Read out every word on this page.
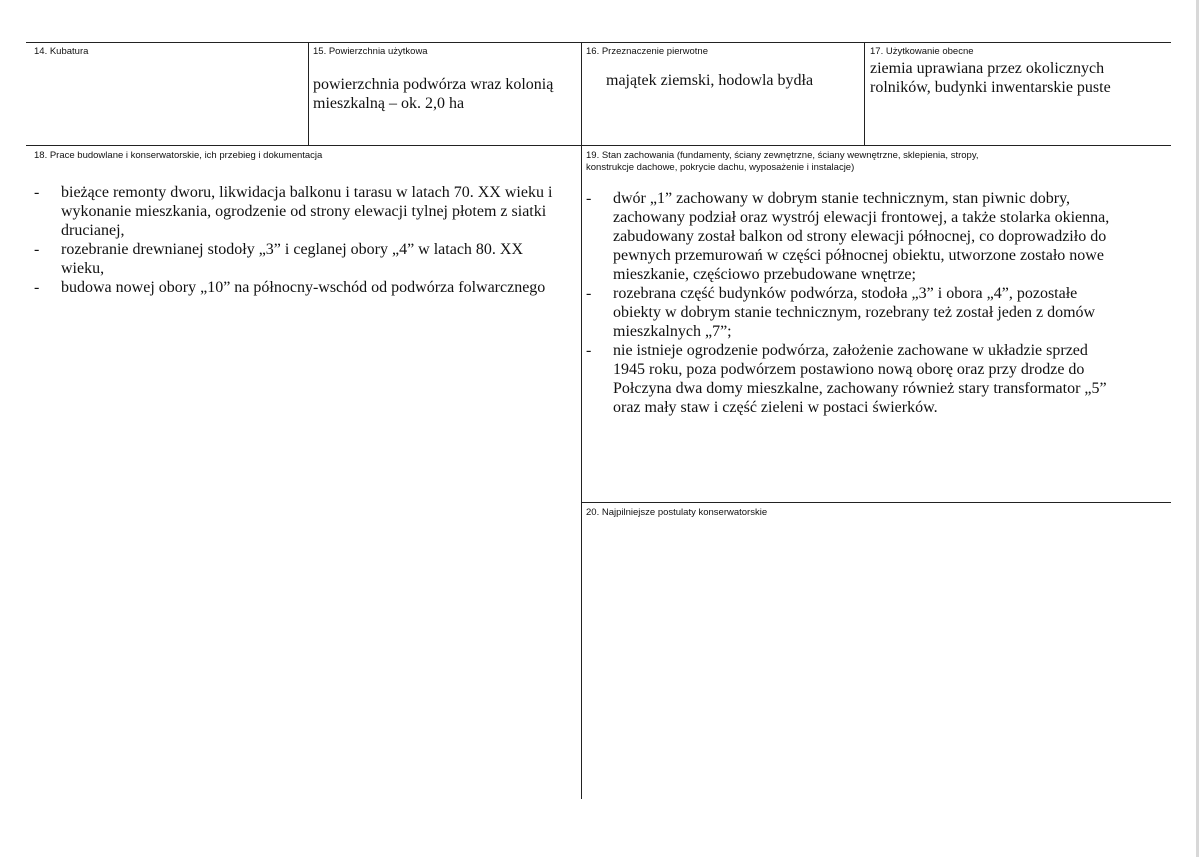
14. Kubatura	15. Powierzchnia użytkowa
powierzchnia podwórza wraz kolonią
mieszkalną – ok. 2,0 ha
16. Przeznaczenie pierwotne
majątek ziemski, hodowla bydła
17. Użytkowanie obecne
ziemia uprawiana przez okolicznych
rolników, budynki inwentarskie puste
18. Prace budowlane i konserwatorskie, ich przebieg i dokumentacja
- bieżące remonty dworu, likwidacja balkonu i tarasu w latach 70. XX wieku i
wykonanie mieszkania, ogrodzenie od strony elewacji tylnej płotem z siatki
drucianej,
- rozebranie drewnianej stodoły „3” i ceglanej obory „4” w latach 80. XX
wieku,
- budowa nowej obory „10” na północny-wschód od podwórza folwarcznego
19. Stan zachowania (fundamenty, ściany zewnętrzne, ściany wewnętrzne, sklepienia, stropy,
konstrukcje dachowe, pokrycie dachu, wyposażenie i instalacje)
- dwór „1” zachowany w dobrym stanie technicznym, stan piwnic dobry,
zachowany podział oraz wystrój elewacji frontowej, a także stolarka okienna,
zabudowany został balkon od strony elewacji północnej, co doprowadziło do
pewnych przemurowań w części północnej obiektu, utworzone zostało nowe
mieszkanie, częściowo przebudowane wnętrze;
- rozebrana część budynków podwórza, stodoła „3” i obora „4”, pozostałe
obiekty w dobrym stanie technicznym, rozebrany też został jeden z domów
mieszkalnych „7”;
- nie istnieje ogrodzenie podwórza, założenie zachowane w układzie sprzed
1945 roku, poza podwórzem postawiono nową oborę oraz przy drodze do
Połczyna dwa domy mieszkalne, zachowany również stary transformator „5”
oraz mały staw i część zieleni w postaci świerków.
20. Najpilniejsze postulaty konserwatorskie
